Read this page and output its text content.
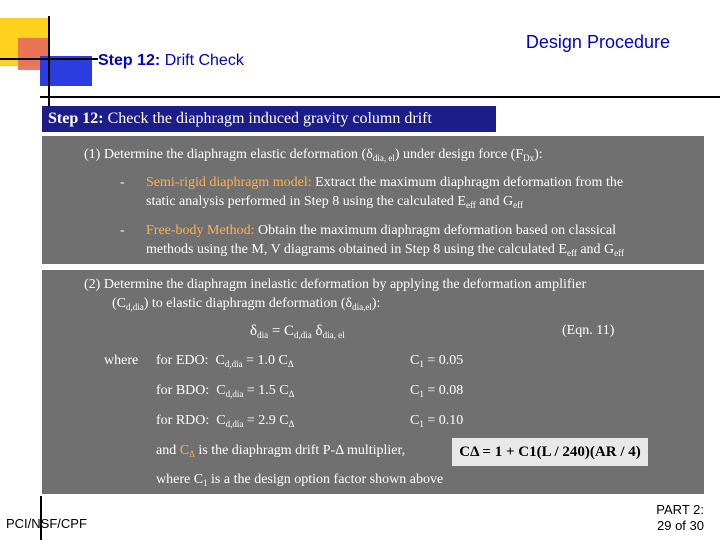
Design Procedure
Step 12: Drift Check
Step 12: Check the diaphragm induced gravity column drift
(1) Determine the diaphragm elastic deformation $(\delta_{dia, el})$ under design force $(F_{Dx})$:
- Semi-rigid diaphragm model: Extract the maximum diaphragm deformation from the
static analysis performed in Step 8 using the calculated $E_{eff}$ and $G_{eff}$
- Free-body Method: Obtain the maximum diaphragm deformation based on classical
methods using the M, V diagrams obtained in Step 8 using the calculated $E_{eff}$ and $G_{eff}$
(2) Determine the diaphragm inelastic deformation by applying the deformation amplifier
$(C_{d,dia})$ to elastic diaphragm deformation $(\delta_{dia,el})$:
$\delta_{dia} = C_{d,dia}$ $\delta_{dia, el}$	(Eqn. 11)
where for EDO: $C_{d,dia} = 1.0$ $C_\Delta$	$C_1 = 0.05$
for BDO: $C_{d,dia} = 1.5$ $C_\Delta$	$C_1 = 0.08$
for RDO: $C_{d,dia} = 2.9$ $C_\Delta$	$C_1 = 0.10$
and $C_\Delta$ is the diaphragm drift P-Δ multiplier,	CΔ = 1 + C1(L / 240)(AR / 4)
where $C_1$ is a the design option factor shown above
PCI/NSF/CPF
PART 2:
29 of 30
